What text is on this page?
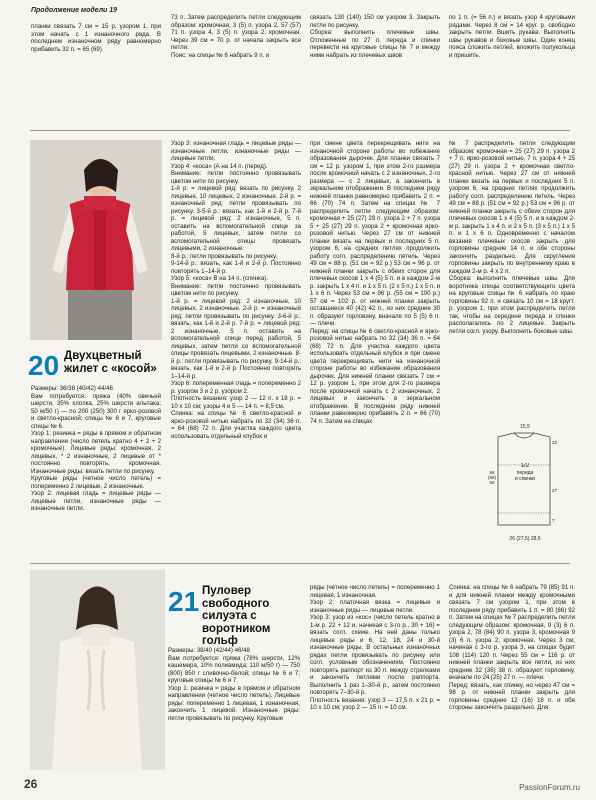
Продолжение модели 19
планки связать 7 см = 15 р. узором 1, при этом начать с 1 изнаночного ряда. В последнем изнаночном ряду равномерно прибавить 32 п. = 65 (69)
73 п. Затем распределить петли следующим образом: кромочная, 3 (5) п. узора 2, 57 (57) 71 п. узора 4, 3 (5) п. узора 2, кромочная. Через 39 см = 70 р. от начала закрыть все петли.
Пояс: на спицы № 6 набрать 9 п. и
связать 130 (140) 150 см узором 3. Закрыть петли по рисунку.
Сборка: выполнить плечевые швы. Отложенные по 27 п. переда и спинки перевести на круговые спицы № 7 и между ними набрать из плечевых швов
по 1 п. (= 56 п.) и вязать узор 4 круговыми рядами. Через 8 см = 14 круг. р. свободно закрыть петли. Вшить рукава. Выполнить швы рукавов и боковые швы. Один конец пояса сложить петлей, вложить полукольца и пришить.
20 Двухцветный жилет с «косой»
Размеры: 36/38 (40/42) 44/46
Вам потребуется: пряжа (40% овечьей шерсти, 35% хлопка, 25% шерсти альпака; 50 м/50 г) — по 200 (250) 300 г ярко-розовой и светло-красной; спицы № 6 и 7, круговые спицы № 6.
Узор 1: резинка = ряды в прямом и обратном направлении (число петель кратно 4 + 2 + 2 кромочные). Лицевые ряды: кромочная, 2 лицевых, * 2 изнаночные, 2 лицевые от * постоянно повторять, кромочная. Изнаночные ряды: вязать петли по рисунку.
Круговые ряды (четное число петель) = попеременно 2 лицевые, 2 изнаночные.
Узор 2: лицевая гладь = лицевые ряды — лицевые петли, изнаночные ряды — изнаночные петли.
Узор 3: изнаночная гладь = лицевые ряды — изнаночные петли, изнаночные ряды — лицевые петли.
Узор 4: «коса» (А на 14 п. (перед).
Внимание: петли постоянно провязывать цветом нити по рисунку.
1-й р. = лицевой ряд: вязать по рисунку, 2 лицевые, 10 лицевых, 2 изнаночные. 2-й р. = изнаночный ряд: петли провязывать по рисунку. 3-5-й р.: вязать, как 1-й и 2-й р. 7-й р. = лицевой ряд: 2 изнаночные, 5 п. оставить на вспомогательной спице за работой, 5 лицевых, затем петли со вспомогательной спицы провязать лицевыми, 2 изнаночные.
8-й р.: петли провязывать по рисунку.
9-14-й р.: вязать, как 1-й и 2-й р. Постоянно повторять 1–14-й р.
Узор 5: «коса» В на 14 п. (спинка).
Внимание: петли постоянно провязывать цветом нити по рисунку.
1-й р. = лицевой ряд: 2 изнаночные, 10 лицевых, 2 изнаночные. 2-й р. = изнаночный ряд: петли провязывать по рисунку. 3-6-й р.: вязать, как 1-й и 2-й р. 7-й р. = лицевой ряд: 2 изнаночные, 5 п. оставить на вспомогательной спице перед работой, 5 лицевых, затем петли со вспомогательной спицы провязать лицевыми, 2 изнаночные. 8-й р.: петли провязывать по рисунку. 9-14-й р.: вязать, как 1-й и 2-й р. Постоянно повторять 1–14-й р.
Узор 6: попеременная гладь = попеременно 2 р. узором 3 и 2 р. узором 2.
Плотность вязания: узор 2 — 12 п. x 18 р. = 10 x 10 см; узоры 4 и 5 — 14 п. = 8,5 см.
Спинка: на спицы № 6 светло-красной и ярко-розовой нитью набрать по 32 (34) 36 п. = 64 (68) 72 п. Для участка каждого цвета использовать отдельный клубок и
при смене цвета перекрещивать нити на изнаночной стороне работы во избежание образования дырочек. Для планки связать 7 см = 12 р. узором 1, при этом 2-го размера после кромочной начать с 2 изнаночных, 2-го размера — с 2 лицевых, а закончить в зеркальном отображении. В последнем ряду нижней планки равномерно прибавить 2 п. = 66 (70) 74 п. Затем на спицах № 7 распределить петли следующим образом: кромочная + 25 (27) 29 п. узора 2 + 7 п. узора 5 + 25 (27) 29 п. узора 2 + кромочная ярко-розовой нитью. Через 27 см от нижней планки вязать на первых и последних 5 п. узором 6, на средних петлях продолжить работу согл. распределению петель. Через 49 см = 88 р. (51 см = 92 р.) 53 см = 96 р. от нижней планки закрыть с обеих сторон для плечевых скосов 1 x 4 (5) 5 п. и в каждом 2-м р. закрыть 1 x 4 п. и 1 x 5 п. (2 x 5 п.) 1 x 5 п. и 1 x 6 п. Через 53 см = 96 р. (55 см = 100 р.) 57 см = 102 р. от нижней планки закрыть оставшиеся 40 (42) 42 п., из них средние 30 п. образуют горловину, вначале по 5 (5) 6 п. — плечи.
Перед: на спицы № 6 светло-красной и ярко-розовой нитью набрать по 32 (34) 36 п. = 64 (68) 72 п. Для участка каждого цвета использовать отдельный клубок и при смене цвета перекрещивать нити на изнаночной стороне работы во избежание образования дырочек. Для нижней планки связать 7 см = 12 р. узором 1, при этом для 2-го размера после кромочной начать с 2 изнаночных, 2 лицевых и закончить в зеркальном отображении. В последнем ряду нижней планки равномерно прибавить 2 п. = 66 (70) 74 п. Затем на спицах
№ 7 распределить петли следующим образом: кромочная = 25 (27) 29 п. узора 2 + 7 п. ярко-розовой нитью, 7 п. узора 4 + 25 (27) 29 п. узора 2 + кромочная светло-красной нитью. Через 27 см от нижней планки вязать на первых и последних 5 п. узором 6, на средних петлях продолжить работу согл. распределению петель. Через 49 см = 88 р. (51 см = 92 р.) 53 см = 96 р. от нижней планки закрыть с обеих сторон для плечевых скосов 1 x 4 (5) 5 п. и в каждом 2-м р. закрыть 1 x 4 п. и 2 x 5 п. (3 x 5 п.) 1 x 5 п. и 1 x 6 п. Одновременно с началом вязания плечевых скосов закрыть для горловины средние 14 п. и обе стороны закончить раздельно. Для скругления горловины закрыть по внутреннему краю в каждом 2-м р. 4 x 2 п.
Сборка: выполнить плечевые швы. Для воротника спицы соответствующего цвета на круговые спицы № 6 набрать по краю горловины 92 п. и связать 10 см = 18 кругт. р. узором 1, при этом распределить петли так, чтобы на середине переда и спинки располагались по 2 лицевые. Закрыть петли согл. узору. Выполнить боковые швы.
15,5
1/2
переда
и спинки
56 (58) 60
22
27
7
26 (27,5) 28,5
21 Пуловер свободного силуэта с воротником гольф
Размеры: 38/40 (42/44) 46/48
Вам потребуется: пряжа (78% шерсти, 12% кашемира, 10% полиамида; 110 м/50 г) — 750 (800) 850 г сливочно-белой; спицы № 6 и 7; круговые спицы № 6 и 7.
Узор 1: резинка = ряды в прямом и обратном направлении (четное число петель). Лицевые ряды: попеременно 1 лицевая, 1 изнаночная, закончить 1 лицевой. Изнаночные ряды: петли провязывать по рисунку. Круговые
ряды (четное число петель) = попеременно 1 лицевая, 1 изнаночная.
Узор 2: платочная вязка = лицевые и изнаночные ряды — лицевые петли.
Узор 3: узор из «кос» (число петель кратно в 1-м р. 22 + 12 и, начиная с 3-го р., 30 + 16) = вязать согл. схеме. На ней даны только лицевые ряды и 6, 12, 18, 24 и 30-й изнаночные ряды. В остальных изнаночных рядах петли провязывать по рисунку или согл. условным обозначениям. Постоянно повторять раппорт из 30 п. между стрелками и закончить петлями после раппорта. Выполнить 1 раз 1–30-й р., затем постоянно повторять 7–30-й р.
Плотность вязания: узор 3 — 17,5 п. x 21 р. = 10 x 10 см; узор 2 — 15 п. = 10 см.
Спинка: на спицы № 6 набрать 79 (85) 91 п. и для нижней планки между кромочными связать 7 см узором 1, при этом в последнем ряду прибавить 1 п. = 80 (86) 92 п. Затем на спицах № 7 распределить петли следующим образом: кромочная, 9 (3) 6 п. узора 2, 78 (84) 90 п. узора 3, кромочная 9 (3) 6 п. узора 2, кромочная. Через 3 см, начиная с 3-го р. узора 3, на спицах будет 108 (114) 120 п. Через 55 см = 116 р. от нижней планки закрыть все петли, из них средние 32 (36) 38 п. образуют горловину, вначале по 24 (25) 27 п. — плечи.
Перед: вязать, как спинку, но через 47 см = 98 р. от нижней планки закрыть для горловины средние 12 (16) 18 п. и обе стороны закончить раздельно. Для
26	PassionForum.ru
